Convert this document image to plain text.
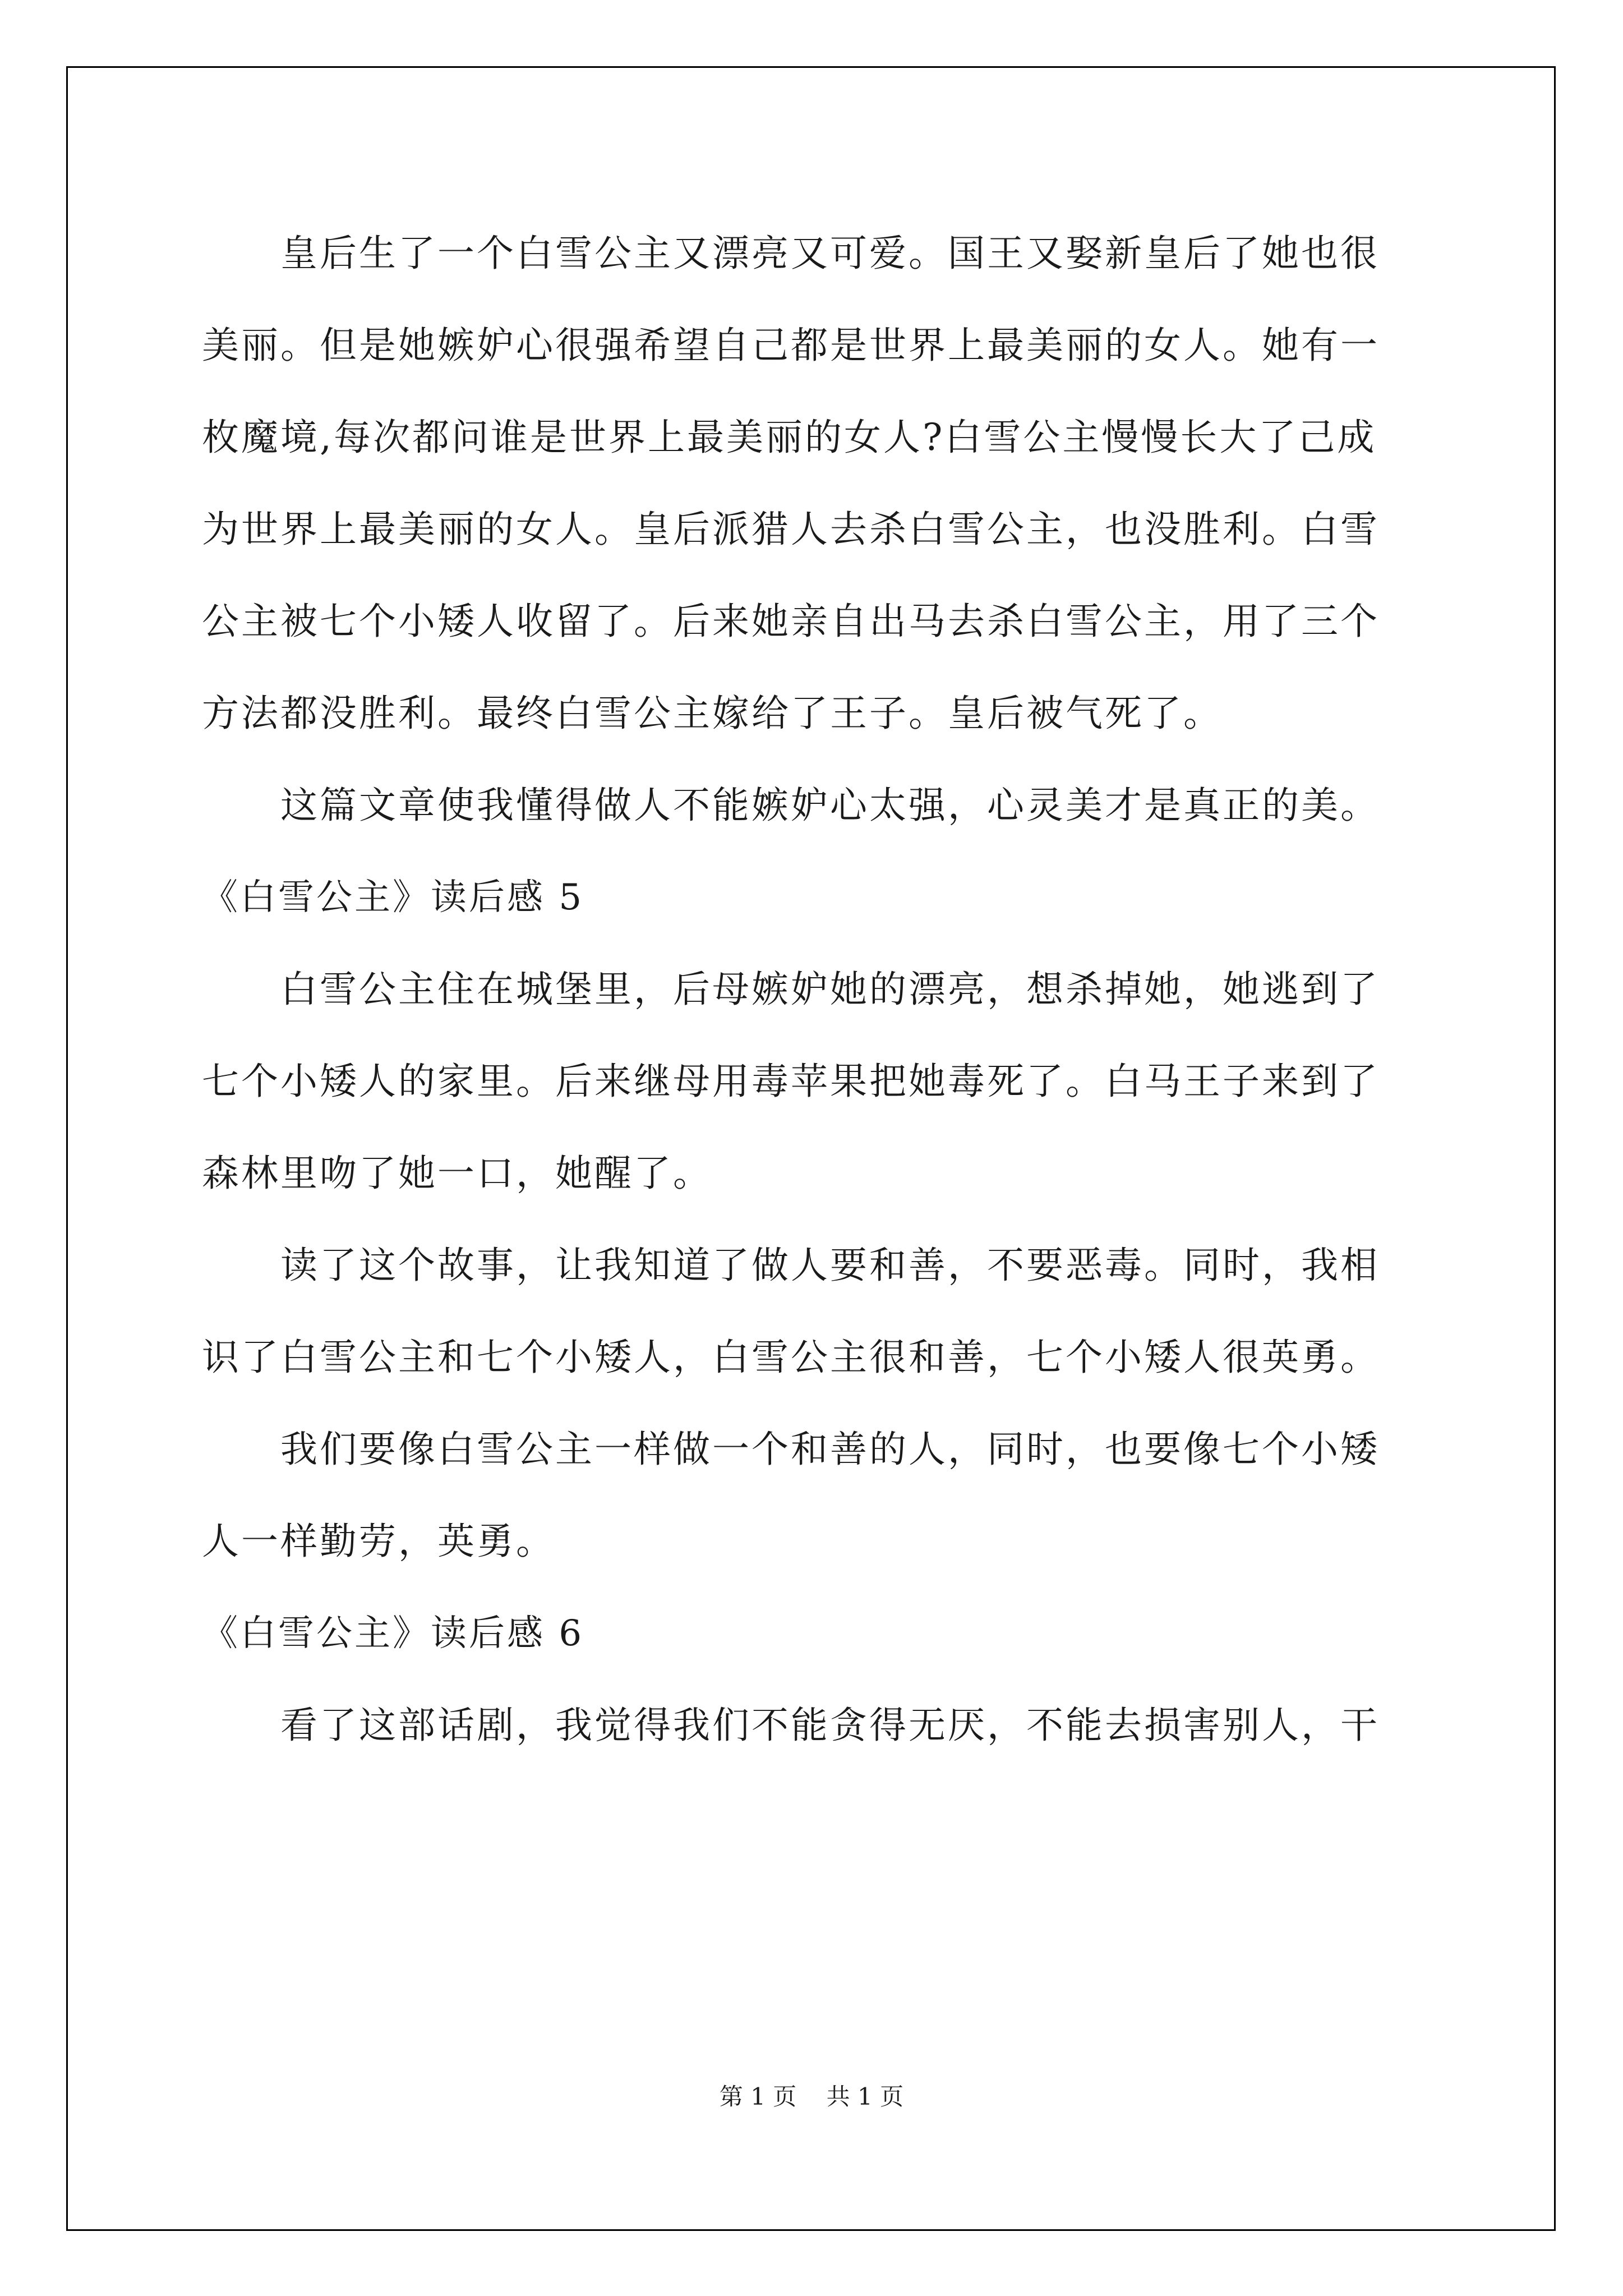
皇后生了一个白雪公主又漂亮又可爱。国王又娶新皇后了她也很
美丽。但是她嫉妒心很强希望自己都是世界上最美丽的女人。她有一
枚魔境,每次都问谁是世界上最美丽的女人?白雪公主慢慢长大了己成
为世界上最美丽的女人。皇后派猎人去杀白雪公主，也没胜利。白雪
公主被七个小矮人收留了。后来她亲自出马去杀白雪公主，用了三个
方法都没胜利。最终白雪公主嫁给了王子。皇后被气死了。
这篇文章使我懂得做人不能嫉妒心太强，心灵美才是真正的美。
《白雪公主》读后感 5
白雪公主住在城堡里，后母嫉妒她的漂亮，想杀掉她，她逃到了
七个小矮人的家里。后来继母用毒苹果把她毒死了。白马王子来到了
森林里吻了她一口，她醒了。
读了这个故事，让我知道了做人要和善，不要恶毒。同时，我相
识了白雪公主和七个小矮人，白雪公主很和善，七个小矮人很英勇。
我们要像白雪公主一样做一个和善的人，同时，也要像七个小矮
人一样勤劳，英勇。
《白雪公主》读后感 6
看了这部话剧，我觉得我们不能贪得无厌，不能去损害别人，干
第 1 页 共 1 页
